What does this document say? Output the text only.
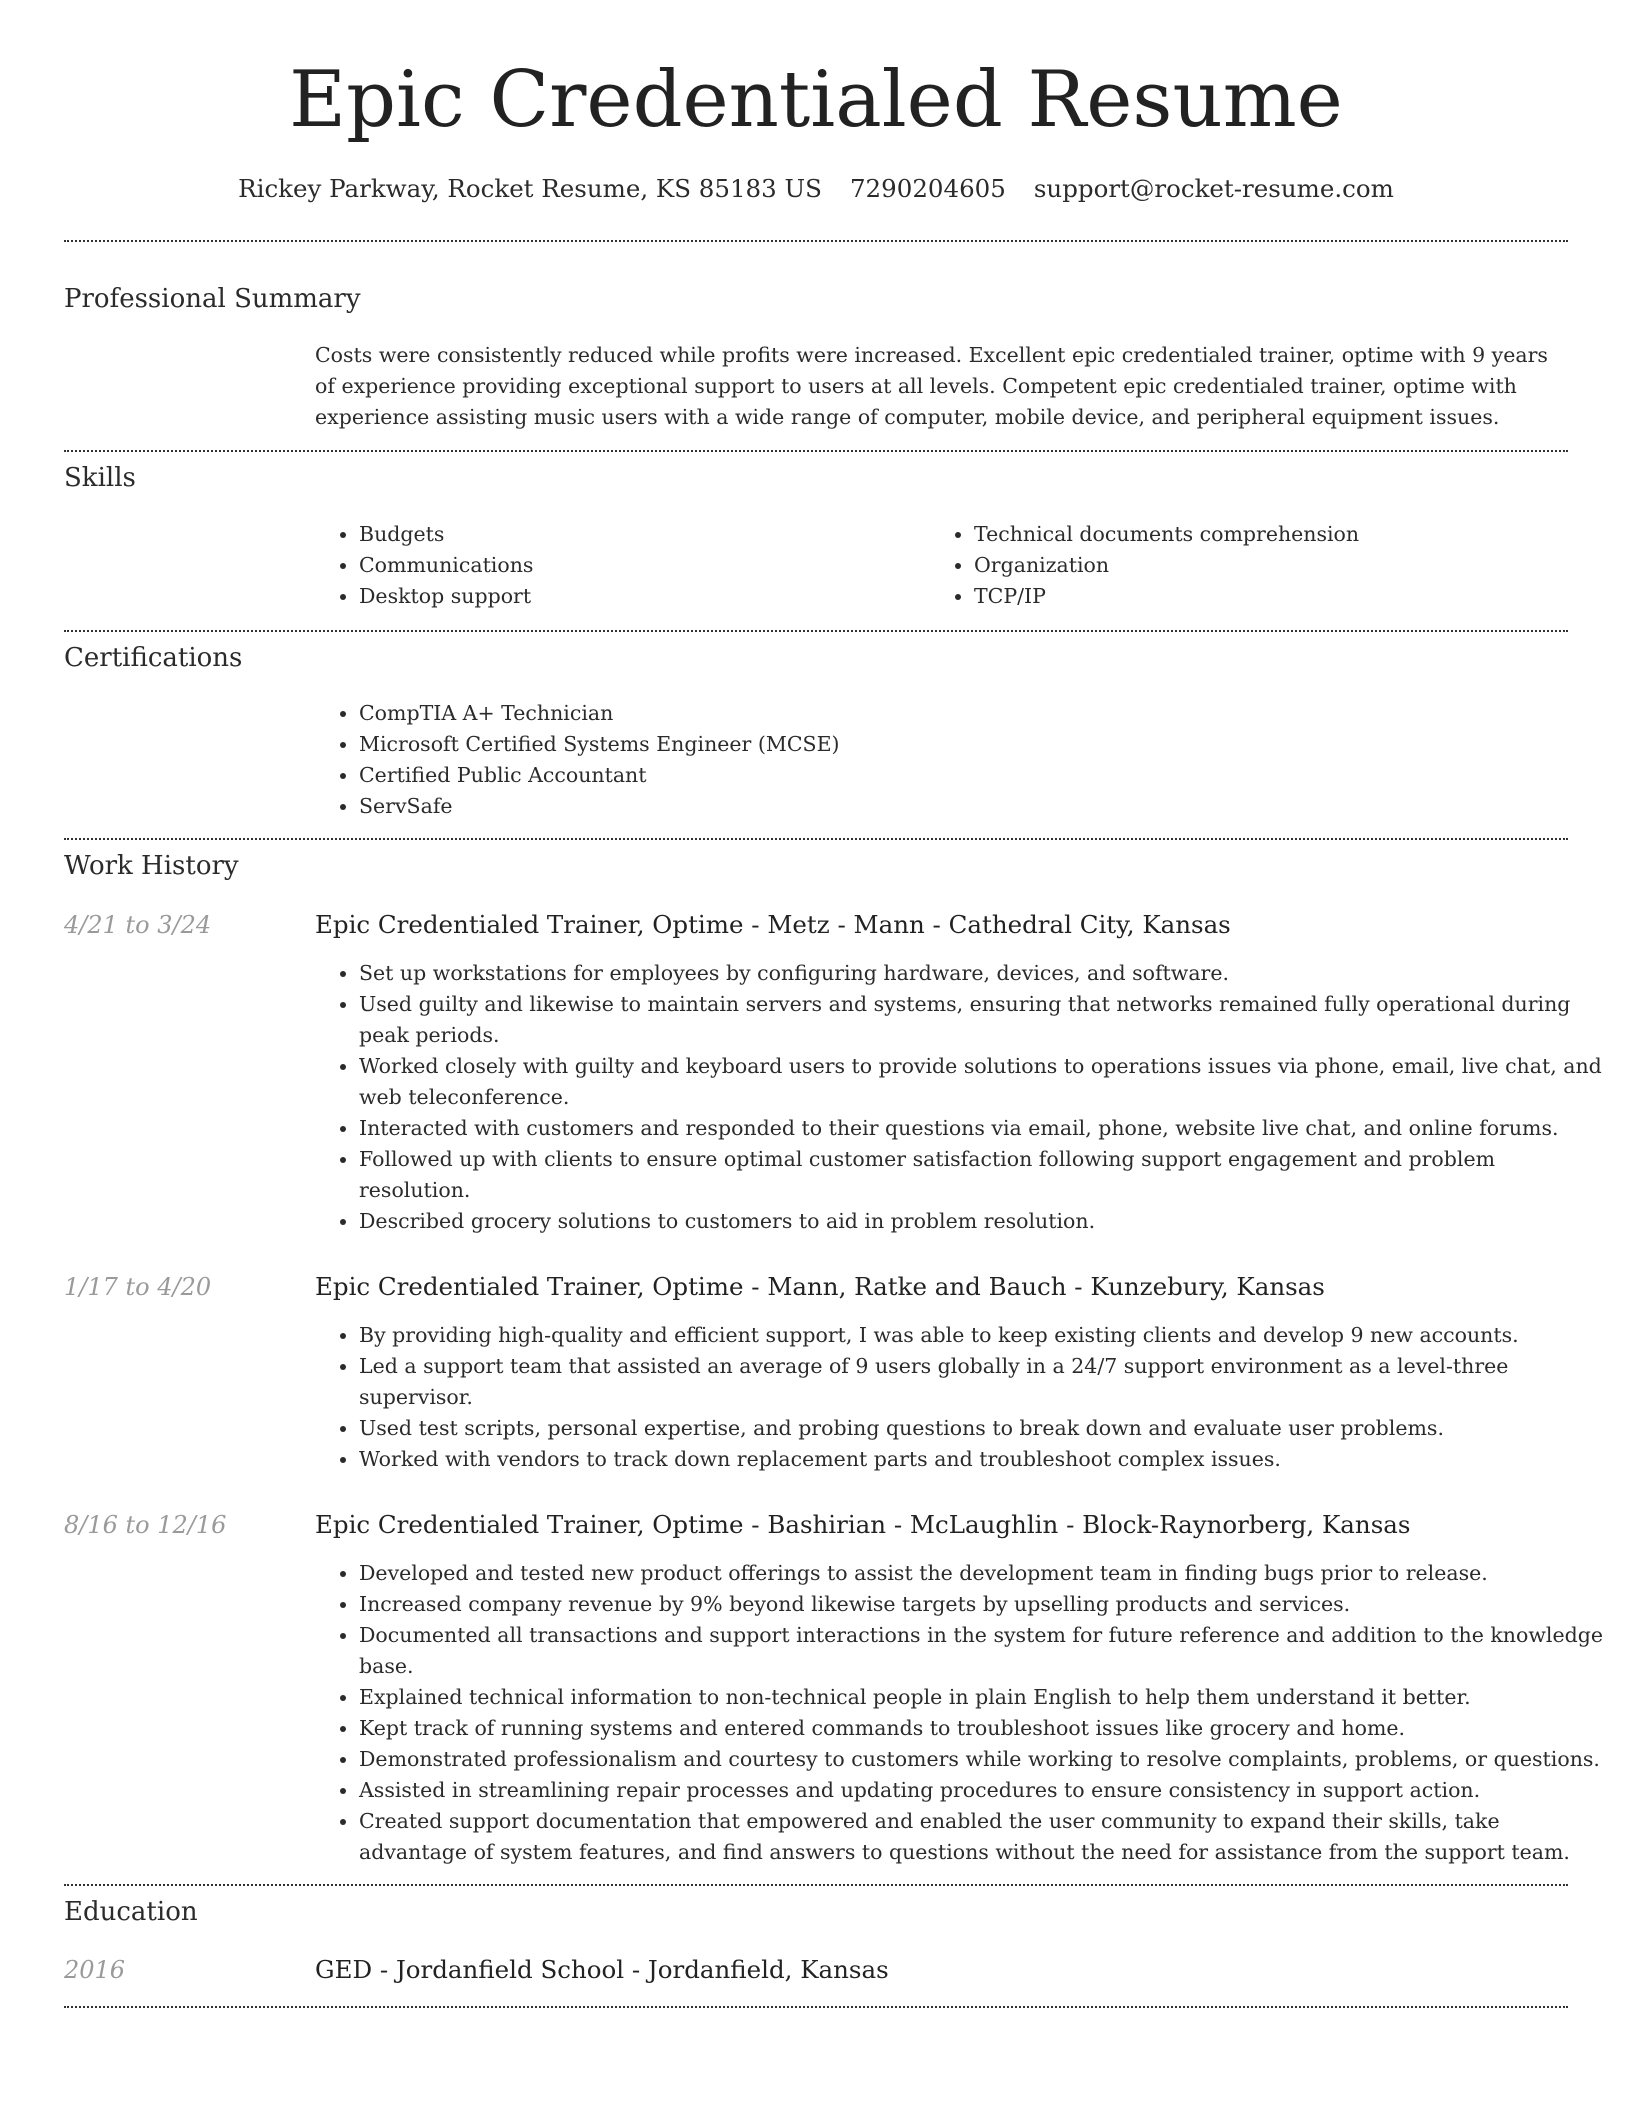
Epic Credentialed Resume
Rickey Parkway, Rocket Resume, KS 85183 US 7290204605 support@rocket-resume.com
Professional Summary
Costs were consistently reduced while profits were increased. Excellent epic credentialed trainer, optime with 9 years of experience providing exceptional support to users at all levels. Competent epic credentialed trainer, optime with experience assisting music users with a wide range of computer, mobile device, and peripheral equipment issues.
Skills
• Budgets
• Communications
• Desktop support
• Technical documents comprehension
• Organization
• TCP/IP
Certifications
• CompTIA A+ Technician
• Microsoft Certified Systems Engineer (MCSE)
• Certified Public Accountant
• ServSafe
Work History
4/21 to 3/24	Epic Credentialed Trainer, Optime - Metz - Mann - Cathedral City, Kansas
• Set up workstations for employees by configuring hardware, devices, and software.
• Used guilty and likewise to maintain servers and systems, ensuring that networks remained fully operational during peak periods.
• Worked closely with guilty and keyboard users to provide solutions to operations issues via phone, email, live chat, and web teleconference.
• Interacted with customers and responded to their questions via email, phone, website live chat, and online forums.
• Followed up with clients to ensure optimal customer satisfaction following support engagement and problem resolution.
• Described grocery solutions to customers to aid in problem resolution.
1/17 to 4/20	Epic Credentialed Trainer, Optime - Mann, Ratke and Bauch - Kunzebury, Kansas
• By providing high-quality and efficient support, I was able to keep existing clients and develop 9 new accounts.
• Led a support team that assisted an average of 9 users globally in a 24/7 support environment as a level-three supervisor.
• Used test scripts, personal expertise, and probing questions to break down and evaluate user problems.
• Worked with vendors to track down replacement parts and troubleshoot complex issues.
8/16 to 12/16	Epic Credentialed Trainer, Optime - Bashirian - McLaughlin - Block-Raynorberg, Kansas
• Developed and tested new product offerings to assist the development team in finding bugs prior to release.
• Increased company revenue by 9% beyond likewise targets by upselling products and services.
• Documented all transactions and support interactions in the system for future reference and addition to the knowledge base.
• Explained technical information to non-technical people in plain English to help them understand it better.
• Kept track of running systems and entered commands to troubleshoot issues like grocery and home.
• Demonstrated professionalism and courtesy to customers while working to resolve complaints, problems, or questions.
• Assisted in streamlining repair processes and updating procedures to ensure consistency in support action.
• Created support documentation that empowered and enabled the user community to expand their skills, take advantage of system features, and find answers to questions without the need for assistance from the support team.
Education
2016	GED - Jordanfield School - Jordanfield, Kansas
